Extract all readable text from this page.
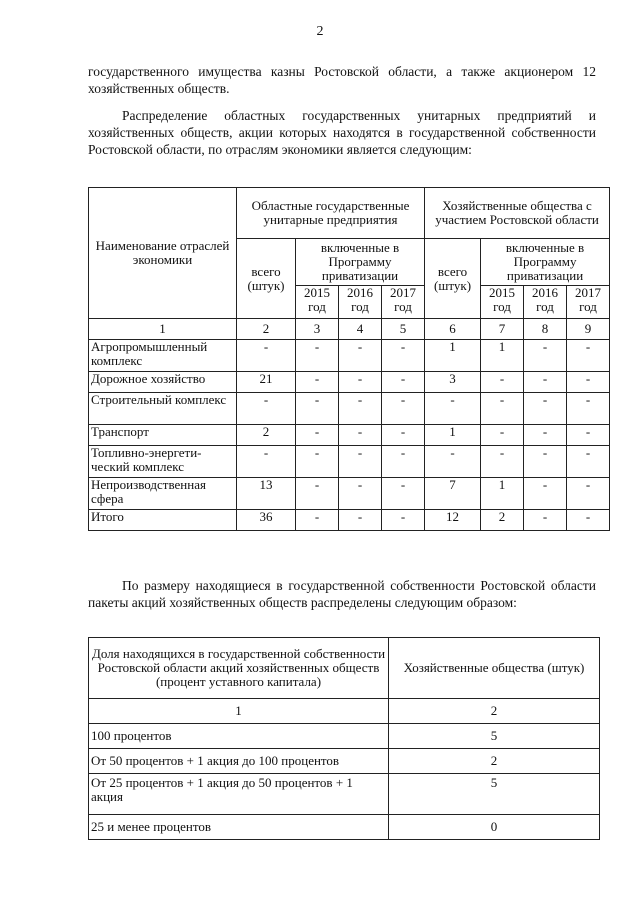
2
государственного имущества казны Ростовской области, а также акционером 12 хозяйственных обществ.
Распределение областных государственных унитарных предприятий и хозяйственных обществ, акции которых находятся в государственной собственности Ростовской области, по отраслям экономики является следующим:
Наименование отраслей экономики	Областные государственные унитарные предприятия				Хозяйственные общества с участием Ростовской области			
	всего (штук)	включенные в Программу приватизации			всего (штук)	включенные в Программу приватизации		
		2015 год	2016 год	2017 год		2015 год	2016 год	2017 год
1	2	3	4	5	6	7	8	9
Агропромышленный комплекс	-	-	-	-	1	1	-	-
Дорожное хозяйство	21	-	-	-	3	-	-	-
Строительный комплекс	-	-	-	-	-	-	-	-
Транспорт	2	-	-	-	1	-	-	-
Топливно-энергети-ческий комплекс	-	-	-	-	-	-	-	-
Непроизводственная сфера	13	-	-	-	7	1	-	-
Итого	36	-	-	-	12	2	-	-
По размеру находящиеся в государственной собственности Ростовской области пакеты акций хозяйственных обществ распределены следующим образом:
Доля находящихся в государственной собственности Ростовской области акций хозяйственных обществ (процент уставного капитала)	Хозяйственные общества (штук)
1	2
100 процентов	5
От 50 процентов + 1 акция до 100 процентов	2
От 25 процентов + 1 акция до 50 процентов + 1 акция	5
25 и менее процентов	0
